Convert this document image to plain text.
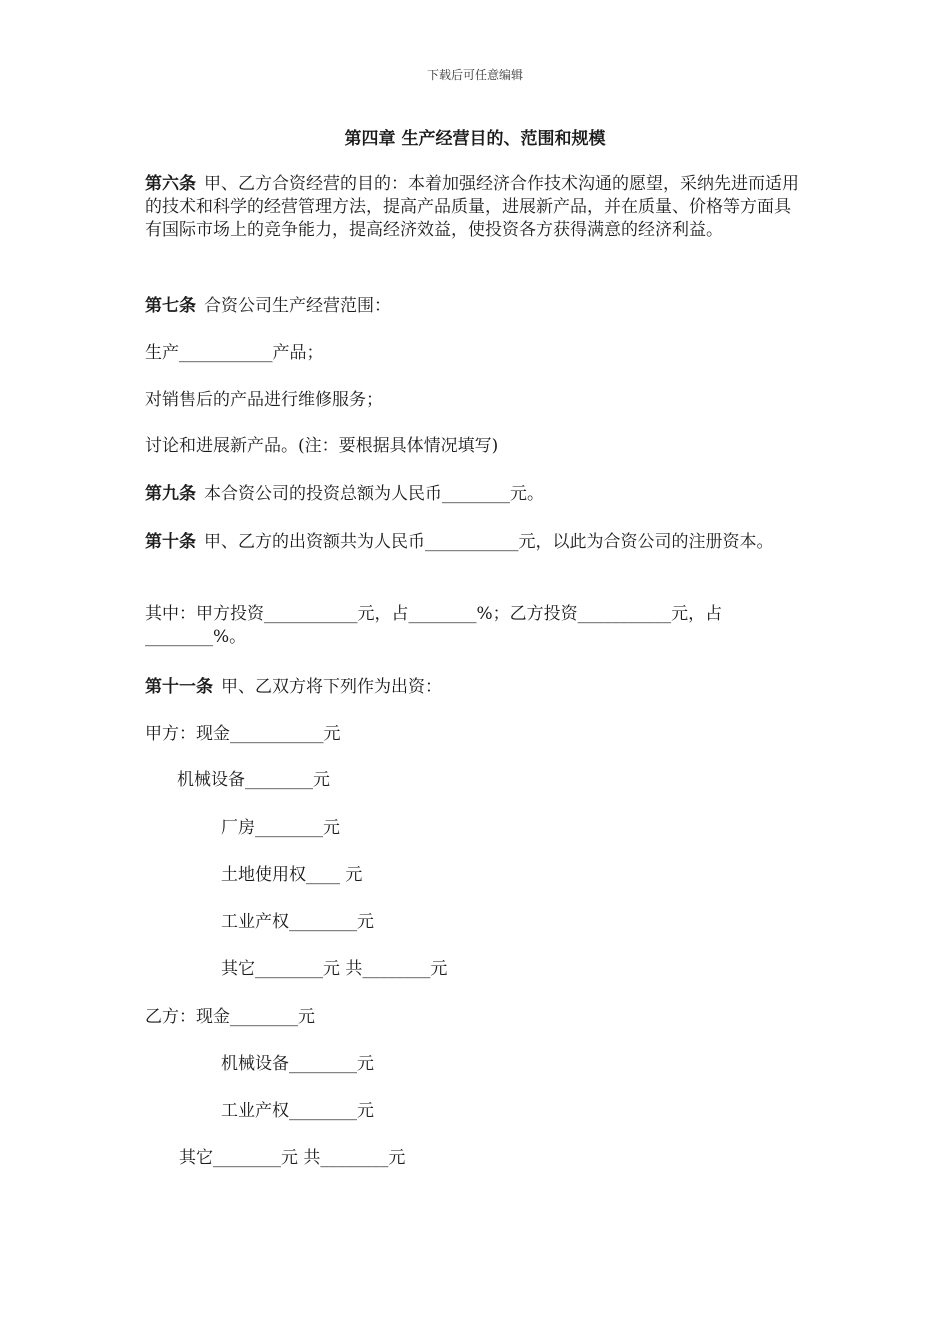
下载后可任意编辑
第四章 生产经营目的、范围和规模

第六条 甲、乙方合资经营的目的：本着加强经济合作技术沟通的愿望，采纳先进而适用的技术和科学的经营管理方法，提高产品质量，进展新产品，并在质量、价格等方面具有国际市场上的竞争能力，提高经济效益，使投资各方获得满意的经济利益。

第七条 合资公司生产经营范围：

生产___________产品；
对销售后的产品进行维修服务；
讨论和进展新产品。(注：要根据具体情况填写)

第九条 本合资公司的投资总额为人民币________元。

第十条 甲、乙方的出资额共为人民币___________元，以此为合资公司的注册资本。

其中：甲方投资___________元，占________%；乙方投资___________元，占________%。

第十一条 甲、乙双方将下列作为出资：

甲方：现金___________元
机械设备________元
厂房________元
土地使用权____ 元
工业产权________元
其它________元 共________元
乙方：现金________元
机械设备________元
工业产权________元
其它________元 共________元
